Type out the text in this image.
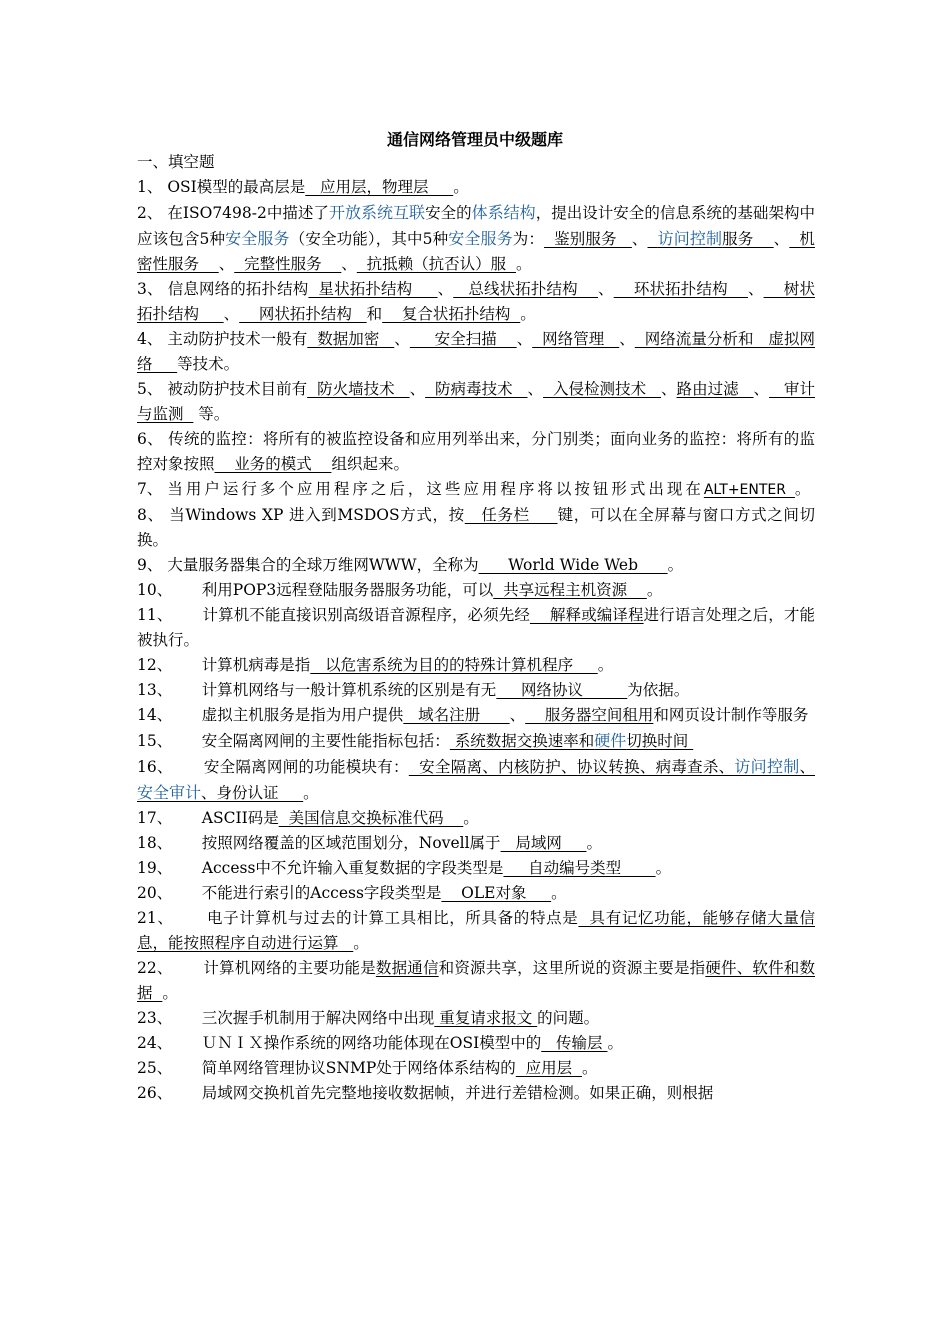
通信网络管理员中级题库

一、填空题

1、 OSI模型的最高层是   应用层，物理层     。

2、 在ISO7498-2中描述了开放系统互联安全的体系结构，提出设计安全的信息系统的基础架构中应该包含5种安全服务（安全功能），其中5种安全服务为：  鉴别服务   、 访问控制服务    、  机密性服务    、  完整性服务    、  抗抵赖（抗否认）服  。

3、 信息网络的拓扑结构  星状拓扑结构     、   总线状拓扑结构    、    环状拓扑结构    、    树状拓扑结构     、    网状拓扑结构   和    复合状拓扑结构  。

4、 主动防护技术一般有  数据加密   、     安全扫描    、  网络管理   、  网络流量分析和   虚拟网络     等技术。

5、 被动防护技术目前有  防火墙技术   、  防病毒技术   、  入侵检测技术   、路由过滤   、   审计与监测   等。

6、 传统的监控：将所有的被监控设备和应用列举出来，分门别类；面向业务的监控：将所有的监控对象按照    业务的模式    组织起来。

7、 当用户运行多个应用程序之后，这些应用程序将以按钮形式出现在ALT+ENTER  。

8、 当Windows XP 进入到MSDOS方式，按   任务栏     键，可以在全屏幕与窗口方式之间切换。

9、 大量服务器集合的全球万维网WWW，全称为      World Wide Web      。

10、 利用POP3远程登陆服务器服务功能，可以  共享远程主机资源    。

11、 计算机不能直接识别高级语音源程序，必须先经    解释或编译程进行语言处理之后，才能被执行。

12、 计算机病毒是指   以危害系统为目的的特殊计算机程序     。

13、 计算机网络与一般计算机系统的区别是有无     网络协议         为依据。

14、 虚拟主机服务是指为用户提供   域名注册      、    服务器空间租用和网页设计制作等服务

15、 安全隔离网闸的主要性能指标包括： 系统数据交换速率和硬件切换时间

16、 安全隔离网闸的功能模块有：  安全隔离、内核防护、协议转换、病毒查杀、访问控制、安全审计、身份认证     。

17、 ASCII码是  美国信息交换标准代码    。

18、 按照网络覆盖的区域范围划分，Novell属于   局域网     。

19、 Access中不允许输入重复数据的字段类型是     自动编号类型       。

20、 不能进行索引的Access字段类型是    OLE对象     。

21、 电子计算机与过去的计算工具相比，所具备的特点是  具有记忆功能，能够存储大量信息，能按照程序自动进行运算   。

22、 计算机网络的主要功能是数据通信和资源共享，这里所说的资源主要是指硬件、软件和数据  。

23、 三次握手机制用于解决网络中出现 重复请求报文 的问题。

24、 ＵＮＩＸ操作系统的网络功能体现在OSI模型中的   传输层 。

25、 简单网络管理协议SNMP处于网络体系结构的  应用层  。

26、 局域网交换机首先完整地接收数据帧，并进行差错检测。如果正确，则根据
